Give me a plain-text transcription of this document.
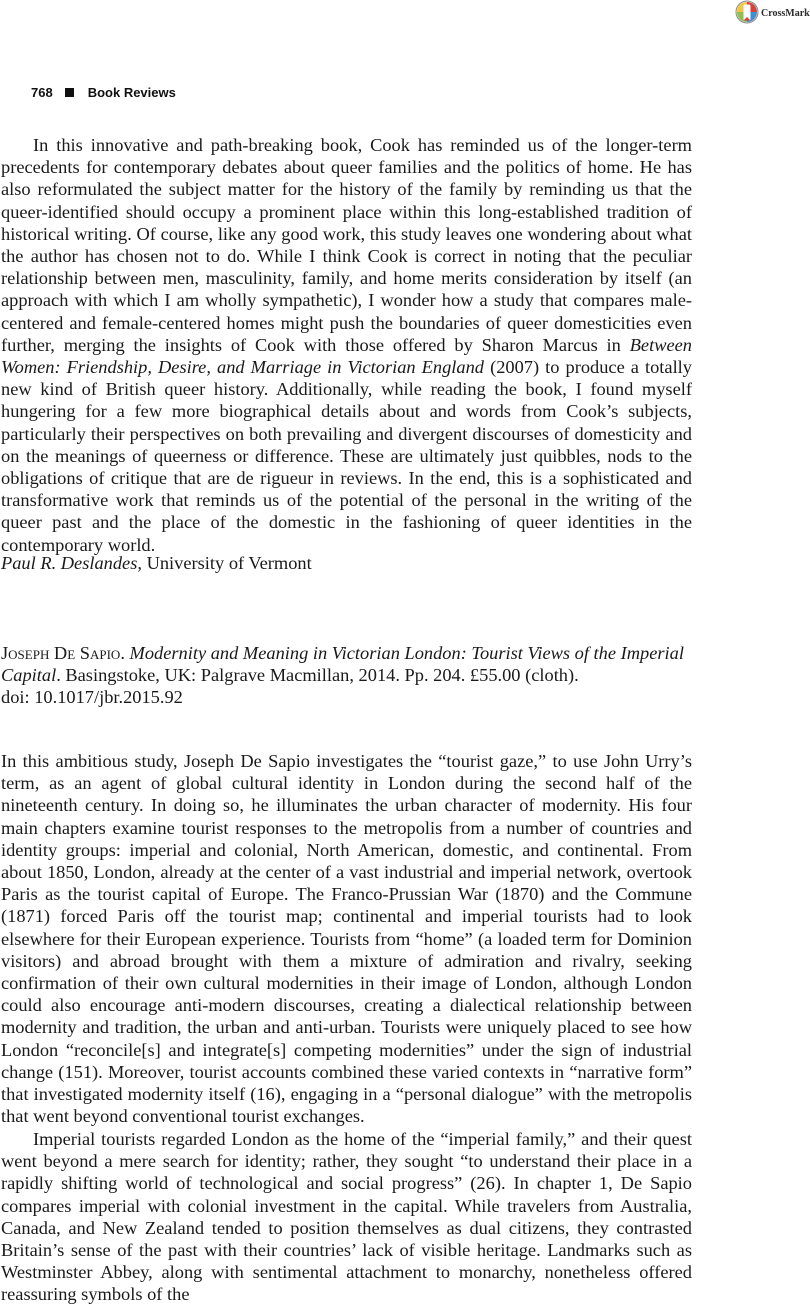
CrossMark
768	Book Reviews

In this innovative and path-breaking book, Cook has reminded us of the longer-term precedents for contemporary debates about queer families and the politics of home. He has also reformulated the subject matter for the history of the family by reminding us that the queer-identified should occupy a prominent place within this long-established tradition of historical writing. Of course, like any good work, this study leaves one wondering about what the author has chosen not to do. While I think Cook is correct in noting that the peculiar relationship between men, masculinity, family, and home merits consideration by itself (an approach with which I am wholly sympathetic), I wonder how a study that compares male-centered and female-centered homes might push the boundaries of queer domesticities even further, merging the insights of Cook with those offered by Sharon Marcus in Between Women: Friendship, Desire, and Marriage in Victorian England (2007) to produce a totally new kind of British queer history. Additionally, while reading the book, I found myself hungering for a few more biographical details about and words from Cook’s subjects, particularly their perspectives on both prevailing and divergent discourses of domesticity and on the meanings of queerness or difference. These are ultimately just quibbles, nods to the obligations of critique that are de rigueur in reviews. In the end, this is a sophisticated and transformative work that reminds us of the potential of the personal in the writing of the queer past and the place of the domestic in the fashioning of queer identities in the contemporary world.

Paul R. Deslandes, University of Vermont

Joseph De Sapio. Modernity and Meaning in Victorian London: Tourist Views of the Imperial Capital. Basingstoke, UK: Palgrave Macmillan, 2014. Pp. 204. £55.00 (cloth).
doi: 10.1017/jbr.2015.92

In this ambitious study, Joseph De Sapio investigates the “tourist gaze,” to use John Urry’s term, as an agent of global cultural identity in London during the second half of the nineteenth century. In doing so, he illuminates the urban character of modernity. His four main chapters examine tourist responses to the metropolis from a number of countries and identity groups: imperial and colonial, North American, domestic, and continental. From about 1850, London, already at the center of a vast industrial and imperial network, overtook Paris as the tourist capital of Europe. The Franco-Prussian War (1870) and the Commune (1871) forced Paris off the tourist map; continental and imperial tourists had to look elsewhere for their European experience. Tourists from “home” (a loaded term for Dominion visitors) and abroad brought with them a mixture of admiration and rivalry, seeking confirmation of their own cultural modernities in their image of London, although London could also encourage anti-modern discourses, creating a dialectical relationship between modernity and tradition, the urban and anti-urban. Tourists were uniquely placed to see how London “reconcile[s] and integrate[s] competing modernities” under the sign of industrial change (151). Moreover, tourist accounts combined these varied contexts in “narrative form” that investigated modernity itself (16), engaging in a “personal dialogue” with the metropolis that went beyond conventional tourist exchanges.

Imperial tourists regarded London as the home of the “imperial family,” and their quest went beyond a mere search for identity; rather, they sought “to understand their place in a rapidly shifting world of technological and social progress” (26). In chapter 1, De Sapio compares imperial with colonial investment in the capital. While travelers from Australia, Canada, and New Zealand tended to position themselves as dual citizens, they contrasted Britain’s sense of the past with their countries’ lack of visible heritage. Landmarks such as Westminster Abbey, along with sentimental attachment to monarchy, nonetheless offered reassuring symbols of the
